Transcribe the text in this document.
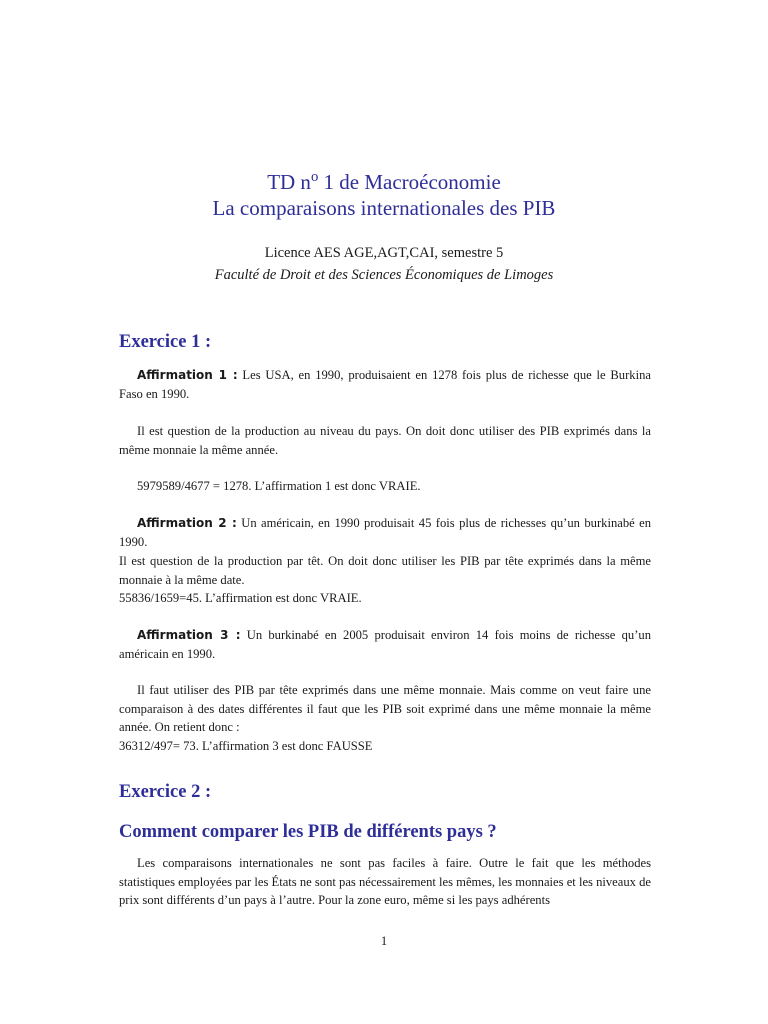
TD $n^o$ 1 de Macroéconomie
La comparaisons internationales des PIB
Licence AES AGE,AGT,CAI, semestre 5
Faculté de Droit et des Sciences Économiques de Limoges
Exercice 1 :

Affirmation 1 : Les USA, en 1990, produisaient en 1278 fois plus de richesse que le Burkina Faso en 1990.

Il est question de la production au niveau du pays. On doit donc utiliser des PIB exprimés dans la même monnaie la même année.

5979589/4677 = 1278. L’affirmation 1 est donc VRAIE.

Affirmation 2 : Un américain, en 1990 produisait 45 fois plus de richesses qu’un burkinabé en 1990.

Il est question de la production par têt. On doit donc utiliser les PIB par tête exprimés dans la même monnaie à la même date.

55836/1659=45. L’affirmation est donc VRAIE.

Affirmation 3 : Un burkinabé en 2005 produisait environ 14 fois moins de richesse qu’un américain en 1990.

Il faut utiliser des PIB par tête exprimés dans une même monnaie. Mais comme on veut faire une comparaison à des dates différentes il faut que les PIB soit exprimé dans une même monnaie la même année. On retient donc :

36312/497= 73. L’affirmation 3 est donc FAUSSE

Exercice 2 :
Comment comparer les PIB de différents pays ?

Les comparaisons internationales ne sont pas faciles à faire. Outre le fait que les méthodes statistiques employées par les États ne sont pas nécessairement les mêmes, les monnaies et les niveaux de prix sont différents d’un pays à l’autre. Pour la zone euro, même si les pays adhérents

1
